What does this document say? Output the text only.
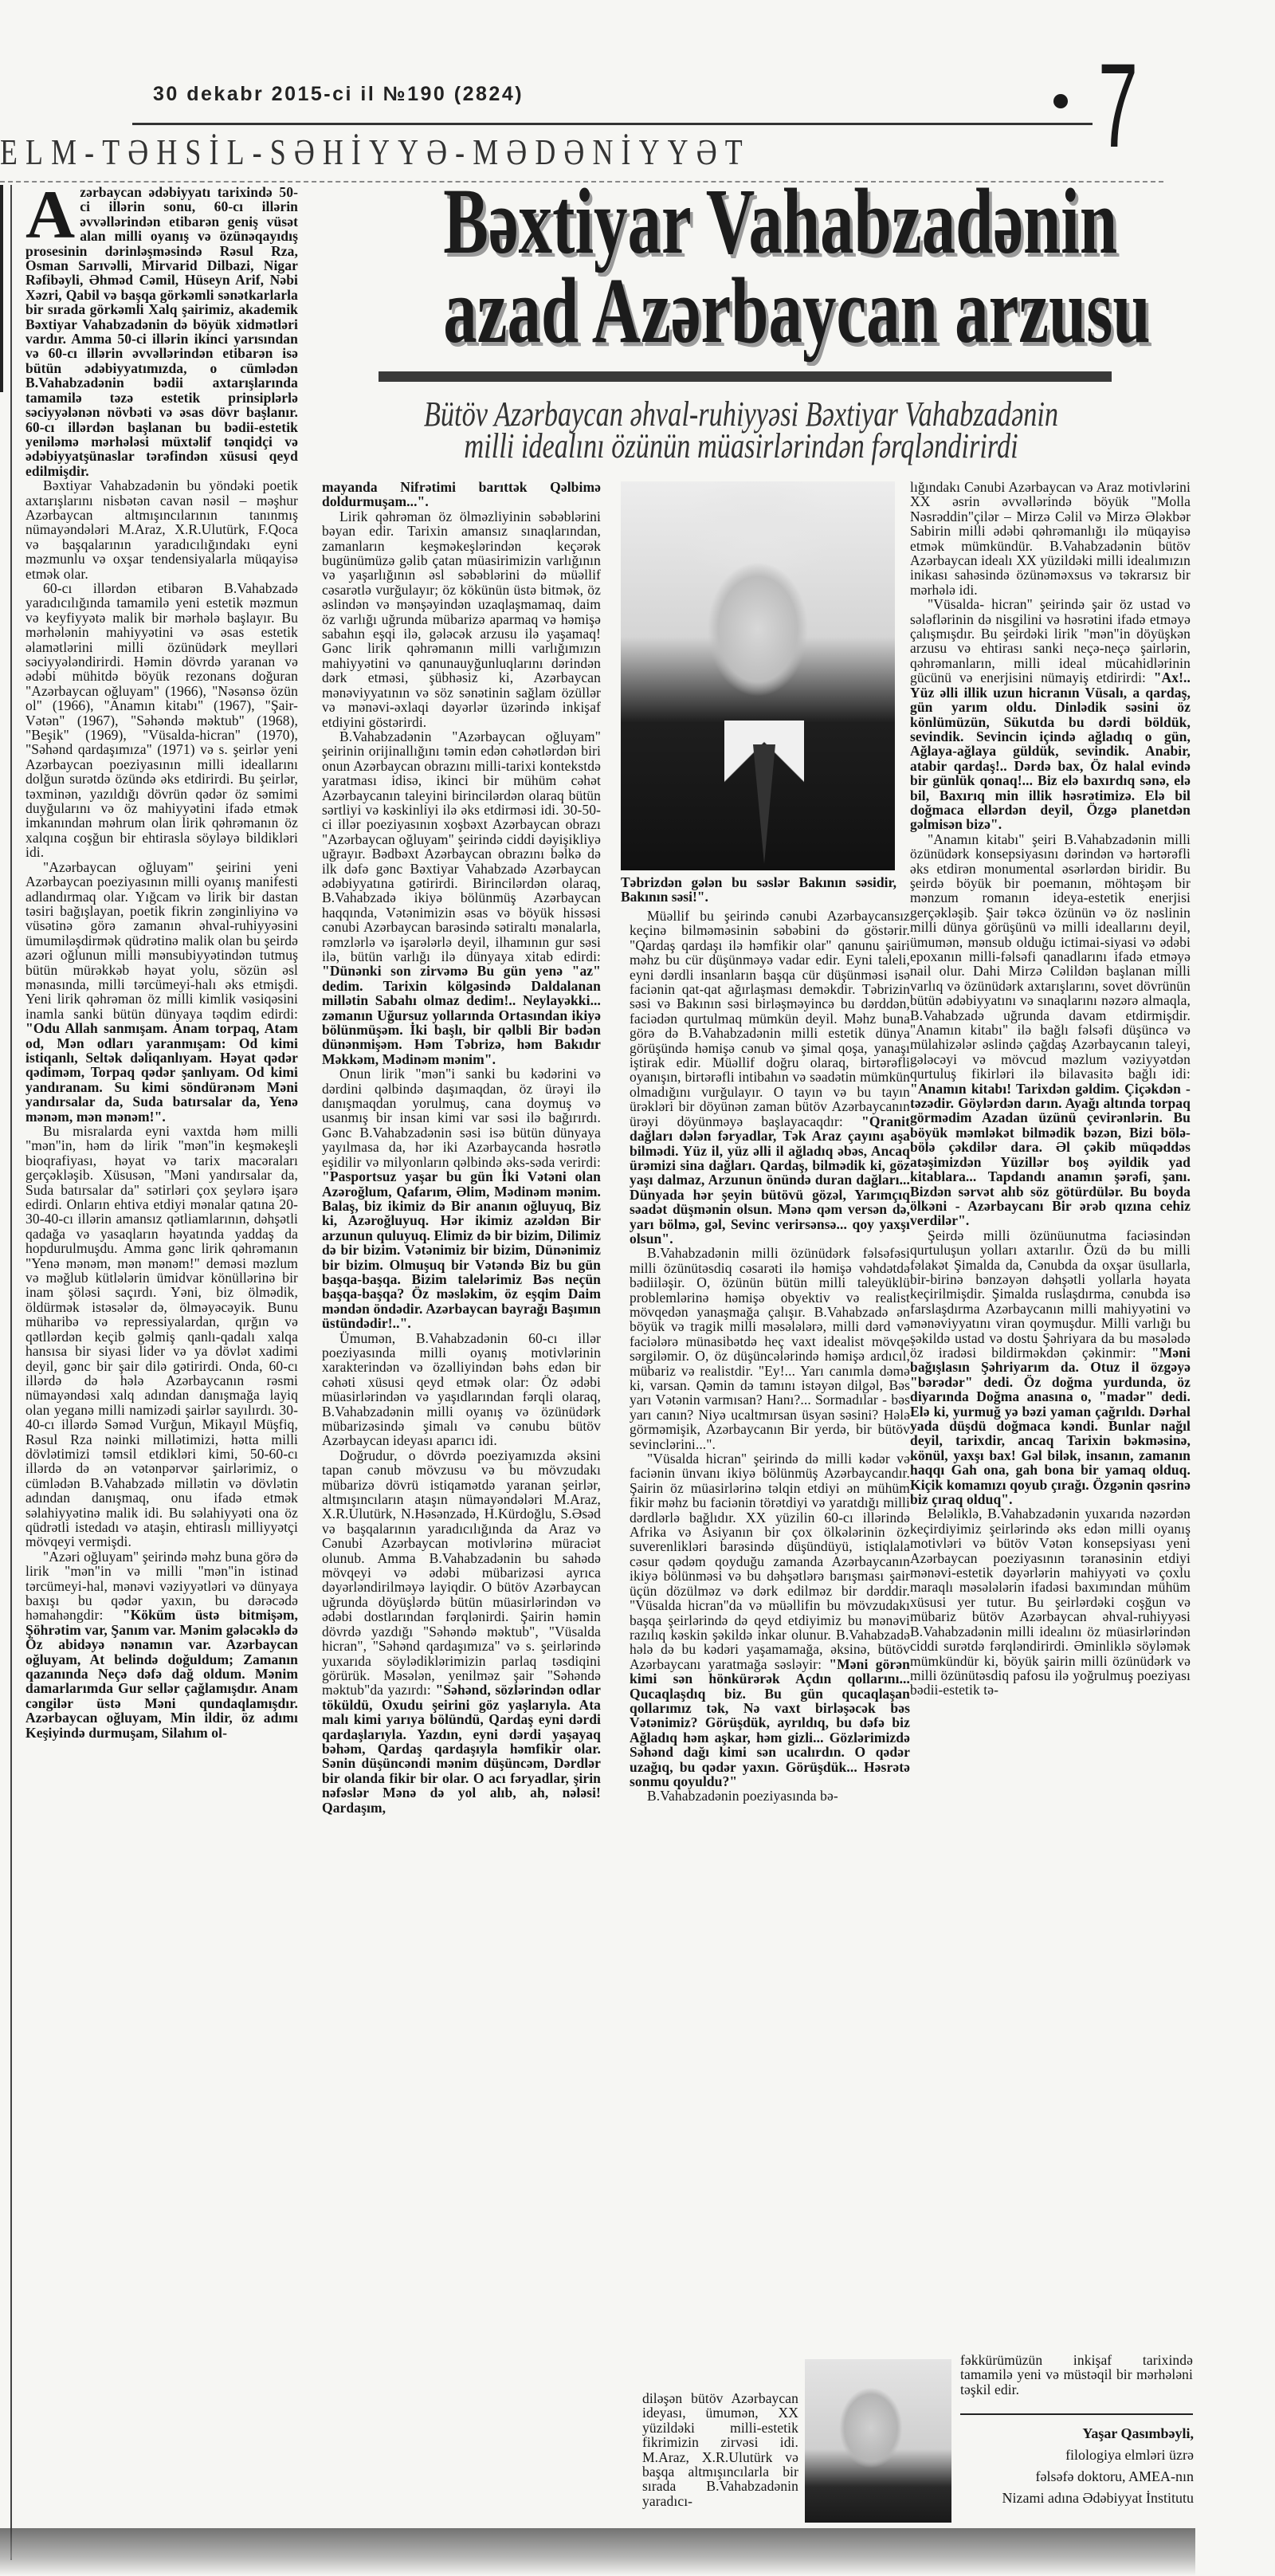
30 dekabr 2015-ci il №190 (2824)	7
ELM-TƏHSİL-SƏHİYYƏ-MƏDƏNİYYƏT
Bəxtiyar Vahabzadənin
azad Azərbaycan arzusu
Bütöv Azərbaycan əhval-ruhiyyəsi Bəxtiyar Vahabzadənin
milli idealını özünün müasirlərindən fərqləndirirdi
A zərbaycan ədəbiyyatı tarixində 50-ci illərin sonu, 60-cı illərin əvvəllərindən etibarən geniş vüsət alan milli oyanış və özünəqayıdış prosesinin dərinləşməsində Rəsul Rza, Osman Sarıvəlli, Mirvarid Dilbazi, Nigar Rəfibəyli, Əhməd Cəmil, Hüseyn Arif, Nəbi Xəzri, Qabil və başqa görkəmli sənətkarlarla bir sırada görkəmli Xalq şairimiz, akademik Bəxtiyar Vahabzadənin də böyük xidmətləri vardır. Amma 50-ci illərin ikinci yarısından və 60-cı illərin əvvəllərindən etibarən isə bütün ədəbiyyatımızda, o cümlədən B.Vahabzadənin bədii axtarışlarında tamamilə təzə estetik prinsiplərlə səciyyələnən növbəti və əsas dövr başlanır. 60-cı illərdən başlanan bu bədii-estetik yeniləmə mərhələsi müxtəlif tənqidçi və ədəbiyyatşünaslar tərəfindən xüsusi qeyd edilmişdir.

Bəxtiyar Vahabzadənin bu yöndəki poetik axtarışlarını nisbətən cavan nəsil – məşhur Azərbaycan altmışıncılarının tanınmış nümayəndələri M.Araz, X.R.Ulutürk, F.Qoca və başqalarının yaradıcılığındakı eyni məzmunlu və oxşar tendensiyalarla müqayisə etmək olar.

60-cı illərdən etibarən B.Vahabzadə yaradıcılığında tamamilə yeni estetik məzmun və keyfiyyətə malik bir mərhələ başlayır. Bu mərhələnin mahiyyətini və əsas estetik əlamətlərini milli özünüdərk meylləri səciyyələndirirdi. Həmin dövrdə yaranan və ədəbi mühitdə böyük rezonans doğuran "Azərbaycan oğluyam" (1966), "Nəsənsə özün ol" (1966), "Anamın kitabı" (1967), "Şair-Vətən" (1967), "Səhəndə məktub" (1968), "Beşik" (1969), "Vüsalda-hicran" (1970), "Səhənd qardaşımıza" (1971) və s. şeirlər yeni Azərbaycan poeziyasının milli ideallarını dolğun surətdə özündə əks etdirirdi. Bu şeirlər, təxminən, yazıldığı dövrün qədər öz səmimi duyğularını və öz mahiyyətini ifadə etmək imkanından məhrum olan lirik qəhrəmanın öz xalqına coşğun bir ehtirasla söyləyə bildikləri idi.

"Azərbaycan oğluyam" şeirini yeni Azərbaycan poeziyasının milli oyanış manifesti adlandırmaq olar. Yığcam və lirik bir dastan təsiri bağışlayan, poetik fikrin zənginliyinə və vüsətinə görə zamanın əhval-ruhiyyəsini ümumiləşdirmək qüdrətinə malik olan bu şeirdə azəri oğlunun milli mənsubiyyətindən tutmuş bütün mürəkkəb həyat yolu, sözün əsl mənasında, milli tərcümeyi-halı əks etmişdi. Yeni lirik qəhrəman öz milli kimlik vəsiqəsini inamla sanki bütün dünyaya təqdim edirdi: "Odu Allah sanmışam. Anam torpaq, Atam od, Mən odları yaranmışam: Od kimi istiqanlı, Seltək dəliqanlıyam. Həyat qədər qədiməm, Torpaq qədər şanlıyam. Od kimi yandıranam. Su kimi söndürənəm Məni yandırsalar da, Suda batırsalar da, Yenə mənəm, mən mənəm!".

Bu misralarda eyni vaxtda həm milli "mən"in, həm də lirik "mən"in keşməkeşli bioqrafiyası, həyat və tarix macəraları gerçəkləşib. Xüsusən, "Məni yandırsalar da, Suda batırsalar da" sətirləri çox şeylərə işarə edirdi. Onların ehtiva etdiyi mənalar qatına 20-30-40-cı illərin amansız qətliamlarının, dəhşətli qadağa və yasaqların həyatında yaddaş da hopdurulmuşdu. Amma gənc lirik qəhrəmanın "Yenə mənəm, mən mənəm!" deməsi məzlum və məğlub kütlələrin ümidvar könüllərinə bir inam şöləsi saçırdı. Yəni, biz ölmədik, öldürmək istəsələr də, ölməyəcəyik. Bunu müharibə və repressiyalardan, qırğın və qətllərdən keçib gəlmiş qanlı-qadalı xalqa hansısa bir siyasi lider və ya dövlət xadimi deyil, gənc bir şair dilə gətirirdi. Onda, 60-cı illərdə də hələ Azərbaycanın rəsmi nümayəndəsi xalq adından danışmağa layiq olan yeganə milli namizədi şairlər sayılırdı. 30-40-cı illərdə Səməd Vurğun, Mikayıl Müşfiq, Rəsul Rza nəinki millətimizi, hətta milli dövlətimizi təmsil etdikləri kimi, 50-60-cı illərdə də ən vətənpərvər şairlərimiz, o cümlədən B.Vahabzadə millətin və dövlətin adından danışmaq, onu ifadə etmək səlahiyyətinə malik idi. Bu səlahiyyəti ona öz qüdrətli istedadı və ataşin, ehtiraslı milliyyətçi mövqeyi vermişdi.

"Azəri oğluyam" şeirində məhz buna görə də lirik "mən"in və milli "mən"in istinad tərcümeyi-hal, mənəvi vəziyyətləri və dünyaya baxışı bu qədər yaxın, bu dərəcədə həmahəngdir: "Köküm üstə bitmişəm, Şöhrətim var, Şanım var. Mənim gələcəklə də Öz abidəyə nənamın var. Azərbaycan oğluyam, At belində doğuldum; Zamanın qazanında Neçə dəfə dağ oldum. Mənim damarlarımda Gur sellər çağlamışdır. Anam cəngilər üstə Məni qundaqlamışdır. Azərbaycan oğluyam, Min ildir, öz adımı Keşiyində durmuşam, Silahım ol-

mayanda Nifrətimi barıttək Qəlbimə doldurmuşam...".

Lirik qəhrəman öz ölməzliyinin səbəblərini bəyan edir. Tarixin amansız sınaqlarından, zamanların keşməkeşlərindən keçərək bugünümüzə gəlib çatan müasirimizin varlığının və yaşarlığının əsl səbəblərini də müəllif cəsarətlə vurğulayır; öz kökünün üstə bitmək, öz əslindən və mənşəyindən uzaqlaşmamaq, daim öz varlığı uğrunda mübarizə aparmaq və həmişə sabahın eşqi ilə, gələcək arzusu ilə yaşamaq! Gənc lirik qəhrəmanın milli varlığımızın mahiyyətini və qanunauyğunluqlarını dərindən dərk etməsi, şübhəsiz ki, Azərbaycan mənəviyyatının və söz sənətinin sağlam özüllər və mənəvi-əxlaqi dəyərlər üzərində inkişaf etdiyini göstərirdi.

B.Vahabzadənin "Azərbaycan oğluyam" şeirinin orijinallığını təmin edən cəhətlərdən biri onun Azərbaycan obrazını milli-tarixi kontekstdə yaratması idisə, ikinci bir mühüm cəhət Azərbaycanın taleyini birincilərdən olaraq bütün sərtliyi və kəskinliyi ilə əks etdirməsi idi. 30-50-ci illər poeziyasının xoşbəxt Azərbaycan obrazı "Azərbaycan oğluyam" şeirində ciddi dəyişikliyə uğrayır. Bədbəxt Azərbaycan obrazını bəlkə də ilk dəfə gənc Bəxtiyar Vahabzadə Azərbaycan ədəbiyyatına gətirirdi. Birincilərdən olaraq, B.Vahabzadə ikiyə bölünmüş Azərbaycan haqqında, Vətənimizin əsas və böyük hissəsi cənubi Azərbaycan barəsində sətiraltı mənalarla, rəmzlərlə və işarələrlə deyil, ilhamının gur səsi ilə, bütün varlığı ilə dünyaya xitab edirdi: "Dünənki son zirvəmə Bu gün yenə "az" dedim. Tarixin kölgəsində Daldalanan millətin Sabahı olmaz dedim!.. Neylayəkki... zəmanın Uğursuz yollarında Ortasından ikiyə bölünmüşəm. İki başlı, bir qəlbli Bir bədən dünənmişəm. Həm Təbrizə, həm Bakıdır Məkkəm, Mədinəm mənim".

Onun lirik "mən"i sanki bu kədərini və dərdini qəlbində daşımaqdan, öz ürəyi ilə danışmaqdan yorulmuş, cana doymuş və usanmış bir insan kimi var səsi ilə bağırırdı. Gənc B.Vahabzadənin səsi isə bütün dünyaya yayılmasa da, hər iki Azərbaycanda həsrətlə eşidilir və milyonların qəlbində əks-səda verirdi: "Pasportsuz yaşar bu gün İki Vətəni olan Azəroğlum, Qafarım, Əlim, Mədinəm mənim. Balaş, biz ikimiz də Bir ananın oğluyuq, Biz ki, Azəroğluyuq. Hər ikimiz azəldən Bir arzunun quluyuq. Elimiz də bir bizim, Dilimiz də bir bizim. Vətənimiz bir bizim, Dünənimiz bir bizim. Olmuşuq bir Vətəndə Biz bu gün başqa-başqa. Bizim talelərimiz Bəs neçün başqa-başqa? Öz məsləkim, öz eşqim Daim məndən öndədir. Azərbaycan bayrağı Başımın üstündədir!..".

Ümumən, B.Vahabzadənin 60-cı illər poeziyasında milli oyanış motivlərinin xarakterindən və özəlliyindən bəhs edən bir cəhəti xüsusi qeyd etmək olar: Öz ədəbi müasirlərindən və yaşıdlarından fərqli olaraq, B.Vahabzadənin milli oyanış və özünüdərk mübarizəsində şimalı və cənubu bütöv Azərbaycan ideyası aparıcı idi.

Doğrudur, o dövrdə poeziyamızda əksini tapan cənub mövzusu və bu mövzudakı mübarizə dövrü istiqamətdə yaranan şeirlər, altmışıncıların ataşın nümayəndələri M.Araz, X.R.Ulutürk, N.Həsənzadə, H.Kürdoğlu, S.Əsəd və başqalarının yaradıcılığında da Araz və Cənubi Azərbaycan motivlərinə müraciət olunub. Amma B.Vahabzadənin bu sahədə mövqeyi və ədəbi mübarizəsi ayrıca dəyərləndirilməyə layiqdir. O bütöv Azərbaycan uğrunda döyüşlərdə bütün müasirlərindən və ədəbi dostlarından fərqlənirdi. Şairin həmin dövrdə yazdığı "Səhəndə məktub", "Vüsalda hicran", "Səhənd qardaşımıza" və s. şeirlərində yuxarıda söylədiklərimizin parlaq təsdiqini görürük. Məsələn, yenilməz şair "Səhəndə məktub"da yazırdı: "Səhənd, sözlərindən odlar töküldü, Oxudu şeirini göz yaşlarıyla. Ata malı kimi yarıya bölündü, Qardaş eyni dərdi qardaşlarıyla. Yazdın, eyni dərdi yaşayaq bəhəm, Qardaş qardaşıyla həmfikir olar. Sənin düşüncəndi mənim düşüncəm, Dərdlər bir olanda fikir bir olar. O acı fəryadlar, şirin nəfəslər Mənə də yol alıb, ah, nələsi! Qardaşım,

Təbrizdən gələn bu səslər Bakının səsidir, Bakının səsi!".

Müəllif bu şeirində cənubi Azərbaycansız keçinə bilməməsinin səbəbini də göstərir. "Qardaş qardaşı ilə həmfikir olar" qanunu şairi məhz bu cür düşünməyə vadar edir. Eyni taleli, eyni dərdli insanların başqa cür düşünməsi isə faciənin qat-qat ağırlaşması deməkdir. Təbrizin səsi və Bakının səsi birləşməyincə bu dərddən, faciədən qurtulmaq mümkün deyil. Məhz buna görə də B.Vahabzadənin milli estetik dünya görüşündə həmişə cənub və şimal qoşa, yanaşı iştirak edir. Müəllif doğru olaraq, birtərəfli oyanışın, birtərəfli intibahın və səadətin mümkün olmadığını vurğulayır. O tayın və bu tayın ürəkləri bir döyünən zaman bütöv Azərbaycanın ürəyi döyünməyə başlayacaqdır: "Qranit dağları dələn fəryadlar, Tək Araz çayını aşa bilmədi. Yüz il, yüz əlli il ağladıq əbəs, Ancaq ürəmizi sina dağları. Qardaş, bilmədik ki, göz yaşı dalmaz, Arzunun önündə duran dağları... Dünyada hər şeyin bütövü gözəl, Yarımçıq səadət düşmənin olsun. Mənə qəm versən də, yarı bölmə, gəl, Sevinc verirsənsə... qoy yaxşı olsun".

B.Vahabzadənin milli özünüdərk fəlsəfəsi milli özünütəsdiq cəsarəti ilə həmişə vəhdətdə bədiiləşir. O, özünün bütün milli taleyüklü problemlərinə həmişə obyektiv və realist mövqedən yanaşmağa çalışır. B.Vahabzadə ən böyük və tragik milli məsələlərə, milli dərd və faciələrə münasibətdə heç vaxt idealist mövqe sərgiləmir. O, öz düşüncələrində həmişə ardıcıl, mübariz və realistdir. "Ey!... Yarı canımla dəmə ki, varsan. Qəmin də tamını istəyən dilgəl, Bəs yarı Vətənin varmısan? Hanı?... Sormadılar - bəs yarı canın? Niyə ucaltmırsan üsyan səsini? Hələ görməmişik, Azərbaycanın Bir yerdə, bir bütöv sevinclərini...".

"Vüsalda hicran" şeirində də milli kədər və faciənin ünvanı ikiyə bölünmüş Azərbaycandır. Şairin öz müasirlərinə təlqin etdiyi ən mühüm fikir məhz bu faciənin törətdiyi və yaratdığı milli dərdlərlə bağlıdır. XX yüzilin 60-cı illərində Afrika və Asiyanın bir çox ölkələrinin öz suverenlikləri barəsində düşündüyü, istiqlala cəsur qədəm qoyduğu zamanda Azərbaycanın ikiyə bölünməsi və bu dəhşətlərə barışması şair üçün dözülməz və dərk edilməz bir dərddir. "Vüsalda hicran"da və müəllifin bu mövzudakı başqa şeirlərində də qeyd etdiyimiz bu mənəvi razılıq kəskin şəkildə inkar olunur. B.Vahabzadə hələ də bu kədəri yaşamamağa, əksinə, bütöv Azərbaycanı yaratmağa səsləyir: "Məni görən kimi sən hönkürərək Açdın qollarını... Qucaqlaşdıq biz. Bu gün qucaqlaşan qollarımız tək, Nə vaxt birləşəcək bəs Vətənimiz? Görüşdük, ayrıldıq, bu dəfə biz Ağladıq həm aşkar, həm gizli... Gözlərimizdə Səhənd dağı kimi sən ucalırdın. O qədər uzağıq, bu qədər yaxın. Görüşdük... Həsrətə sonmu qoyuldu?"

B.Vahabzadənin poeziyasında bə-

diləşən bütöv Azərbaycan ideyası, ümumən, XX yüzildəki milli-estetik fikrimizin zirvəsi idi. M.Araz, X.R.Ulutürk və başqa altmışıncılarla bir sırada B.Vahabzadənin yaradıcı-

lığındakı Cənubi Azərbaycan və Araz motivlərini XX əsrin əvvəllərində böyük "Molla Nəsrəddin"çilər – Mirzə Cəlil və Mirzə Ələkbər Sabirin milli ədəbi qəhrəmanlığı ilə müqayisə etmək mümkündür. B.Vahabzadənin bütöv Azərbaycan idealı XX yüzildəki milli idealımızın inikası sahəsində özünəməxsus və təkrarsız bir mərhələ idi.

"Vüsalda- hicran" şeirində şair öz ustad və sələflərinin də nisgilini və həsrətini ifadə etməyə çalışmışdır. Bu şeirdəki lirik "mən"in döyüşkən arzusu və ehtirası sanki neçə-neçə şairlərin, qəhrəmanların, milli ideal mücahidlərinin gücünü və enerjisini nümayiş etdirirdi: "Ax!.. Yüz əlli illik uzun hicranın Vüsalı, a qardaş, gün yarım oldu. Dinlədik səsini öz könlümüzün, Sükutda bu dərdi böldük, sevindik. Sevincin içində ağladıq o gün, Ağlaya-ağlaya güldük, sevindik. Anabir, atabir qardaş!.. Dərdə bax, Öz halal evində bir günlük qonaq!... Biz elə baxırdıq sənə, elə bil, Baxırıq min illik həsrətimizə. Elə bil doğmaca ellərdən deyil, Özgə planetdən gəlmisən bizə".

"Anamın kitabı" şeiri B.Vahabzadənin milli özünüdərk konsepsiyasını dərindən və hərtərəfli əks etdirən monumental əsərlərdən biridir. Bu şeirdə böyük bir poemanın, möhtəşəm bir mənzum romanın ideya-estetik enerjisi gerçəkləşib. Şair təkcə özünün və öz nəslinin milli dünya görüşünü və milli ideallarını deyil, ümumən, mənsub olduğu ictimai-siyasi və ədəbi epoxanın milli-fəlsəfi qanadlarını ifadə etməyə nail olur. Dahi Mirzə Cəlildən başlanan milli varlıq və özünüdərk axtarışlarını, sovet dövrünün bütün ədəbiyyatını və sınaqlarını nəzərə almaqla, B.Vahabzadə uğrunda davam etdirmişdir. "Anamın kitabı" ilə bağlı fəlsəfi düşüncə və mülahizələr əslində çağdaş Azərbaycanın taleyi, gələcəyi və mövcud məzlum vəziyyətdən qurtuluş fikirləri ilə bilavasitə bağlı idi: "Anamın kitabı! Tarixdən gəldim. Çiçəkdən - təzədir. Göylərdən darın. Ayağı altında torpaq görmədim Azadan üzünü çevirənlərin. Bu böyük məmləkət bilmədik bəzən, Bizi bölə-bölə çəkdilər dara. Əl çəkib müqəddəs atəşimizdən Yüzillər boş əyildik yad kitablara... Tapdandı anamın şərəfi, şanı. Bizdən sərvət alıb söz götürdülər. Bu boyda ölkəni - Azərbaycanı Bir ərəb qızına cehiz verdilər".

Şeirdə milli özünüunutma faciəsindən qurtuluşun yolları axtarılır. Özü də bu milli fəlakət Şimalda da, Cənubda da oxşar üsullarla, bir-birinə bənzəyən dəhşətli yollarla həyata keçirilmişdir. Şimalda ruslaşdırma, cənubda isə farslaşdırma Azərbaycanın milli mahiyyətini və mənəviyyatını viran qoymuşdur. Milli varlığı bu şəkildə ustad və dostu Şəhriyara da bu məsələdə öz iradəsi bildirməkdən çəkinmir: "Məni bağışlasın Şəhriyarım da. Otuz il özgəyə "bərədər" dedi. Öz doğma yurdunda, öz diyarında Doğma anasına o, "madər" dedi. Elə ki, yurmuğ yə bəzi yaman çağrıldı. Dərhal yada düşdü doğmaca kəndi. Bunlar nağıl deyil, tarixdir, ancaq Tarixin bəkməsinə, könül, yaxşı bax! Gəl bilək, insanın, zamanın haqqı Gah ona, gah bona bir yamaq olduq. Kiçik komamızı qoyub çırağı. Özgənin qəsrinə biz çıraq olduq".

Beləliklə, B.Vahabzadənin yuxarıda nəzərdən keçirdiyimiz şeirlərində əks edən milli oyanış motivləri və bütöv Vətən konsepsiyası yeni Azərbaycan poeziyasının təranəsinin etdiyi mənəvi-estetik dəyərlərin mahiyyəti və çoxlu maraqlı məsələlərin ifadəsi baxımından mühüm xüsusi yer tutur. Bu şeirlərdəki coşğun və mübariz bütöv Azərbaycan əhval-ruhiyyəsi B.Vahabzadənin milli idealını öz müasirlərindən ciddi surətdə fərqləndirirdi. Əminliklə söyləmək mümkündür ki, böyük şairin milli özünüdərk və milli özünütəsdiq pafosu ilə yoğrulmuş poeziyası bədii-estetik tə-

fəkkürümüzün inkişaf tarixində tamamilə yeni və müstəqil bir mərhələni təşkil edir.

Yaşar Qasımbəyli,
filologiya elmləri üzrə
fəlsəfə doktoru, AMEA-nın
Nizami adına Ədəbiyyat İnstitutu
